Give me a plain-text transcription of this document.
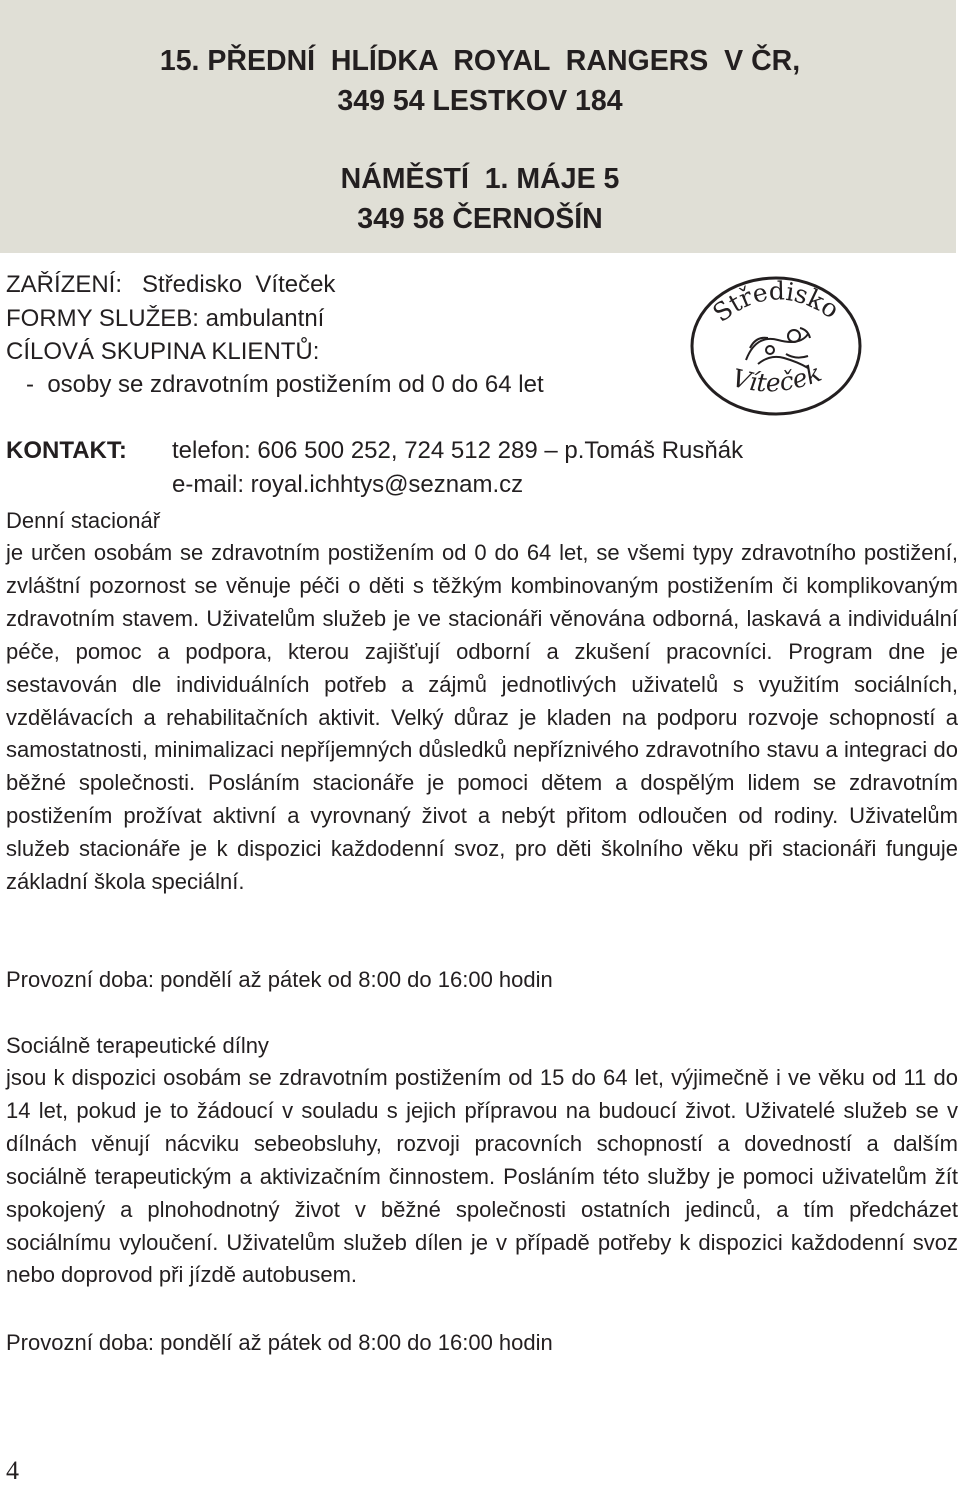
15. PŘEDNÍ  HLÍDKA  ROYAL  RANGERS  V ČR,
349 54 LESTKOV 184
NÁMĚSTÍ  1. MÁJE 5
349 58 ČERNOŠÍN
ZAŘÍZENÍ:   Středisko  Víteček
FORMY SLUŽEB: ambulantní
CÍLOVÁ SKUPINA KLIENTŮ:
-  osoby se zdravotním postižením od 0 do 64 let
Středisko
Víteček
KONTAKT: telefon: 606 500 252, 724 512 289 – p.Tomáš Rusňák
e-mail: royal.ichhtys@seznam.cz
Denní stacionář

je určen osobám se zdravotním postižením od 0 do 64 let, se všemi typy zdravotního postižení, zvláštní pozornost se věnuje péči o děti s těžkým kombinovaným postižením či komplikovaným zdravotním stavem. Uživatelům služeb je ve stacionáři věnována odborná, laskavá a individuální péče, pomoc a podpora, kterou zajišťují odborní a zkušení pracovníci. Program dne je sestavován dle individuálních potřeb a zájmů jednotlivých uživatelů s využitím sociálních, vzdělávacích a rehabilitačních aktivit. Velký důraz je kladen na podporu rozvoje schopností a samostatnosti, minimalizaci nepříjemných důsledků nepříznivého zdravotního stavu a integraci do běžné společnosti. Posláním stacionáře je pomoci dětem a dospělým lidem se zdravotním postižením prožívat aktivní a vyrovnaný život a nebýt přitom odloučen od rodiny. Uživatelům služeb stacionáře je k dispozici každodenní svoz, pro děti školního věku při stacionáři funguje základní škola speciální.

Provozní doba: pondělí až pátek od 8:00 do 16:00 hodin
Sociálně terapeutické dílny

jsou k dispozici osobám se zdravotním postižením od 15 do 64 let, výjimečně i ve věku od 11 do 14 let, pokud je to žádoucí v souladu s jejich přípravou na budoucí život. Uživatelé služeb se v dílnách věnují nácviku sebeobsluhy, rozvoji pracovních schopností a dovedností a dalším sociálně terapeutickým a aktivizačním činnostem. Posláním této služby je pomoci uživatelům žít spokojený a plnohodnotný život v běžné společnosti ostatních jedinců, a tím předcházet sociálnímu vyloučení. Uživatelům služeb dílen je v případě potřeby k dispozici každodenní svoz nebo doprovod při jízdě autobusem.

Provozní doba: pondělí až pátek od 8:00 do 16:00 hodin
4
